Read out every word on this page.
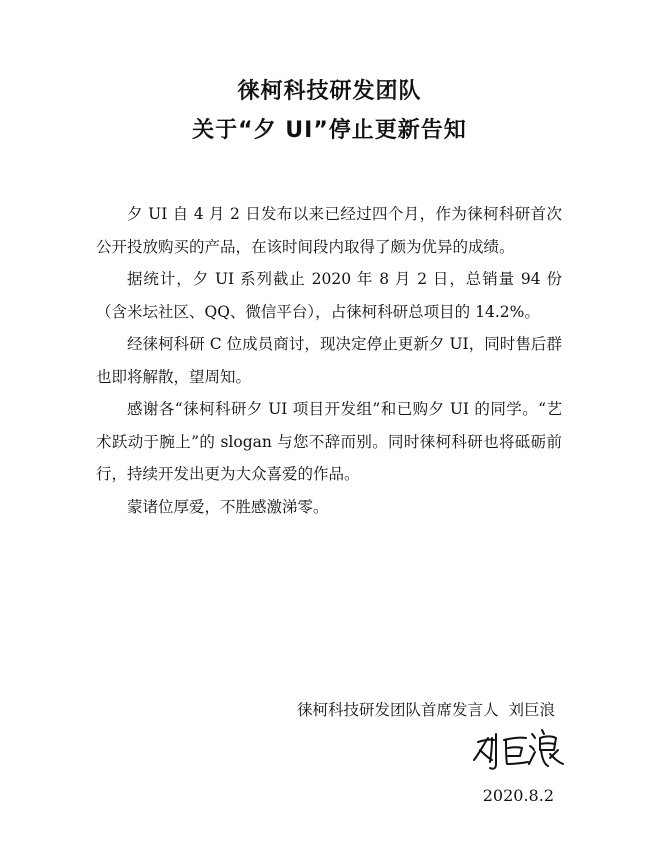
徕柯科技研发团队
关于“夕 UI”停止更新告知

夕 UI 自 4 月 2 日发布以来已经过四个月，作为徕柯科研首次公开投放购买的产品，在该时间段内取得了颇为优异的成绩。

据统计，夕 UI 系列截止 2020 年 8 月 2 日，总销量 94 份（含米坛社区、QQ、微信平台），占徕柯科研总项目的 14.2%。

经徕柯科研 C 位成员商讨，现决定停止更新夕 UI，同时售后群也即将解散，望周知。

感谢各“徕柯科研夕 UI 项目开发组”和已购夕 UI 的同学。“艺术跃动于腕上”的 slogan 与您不辞而别。同时徕柯科研也将砥砺前行，持续开发出更为大众喜爱的作品。

蒙诸位厚爱，不胜感激涕零。

徕柯科技研发团队首席发言人 刘巨浪
2020.8.2
